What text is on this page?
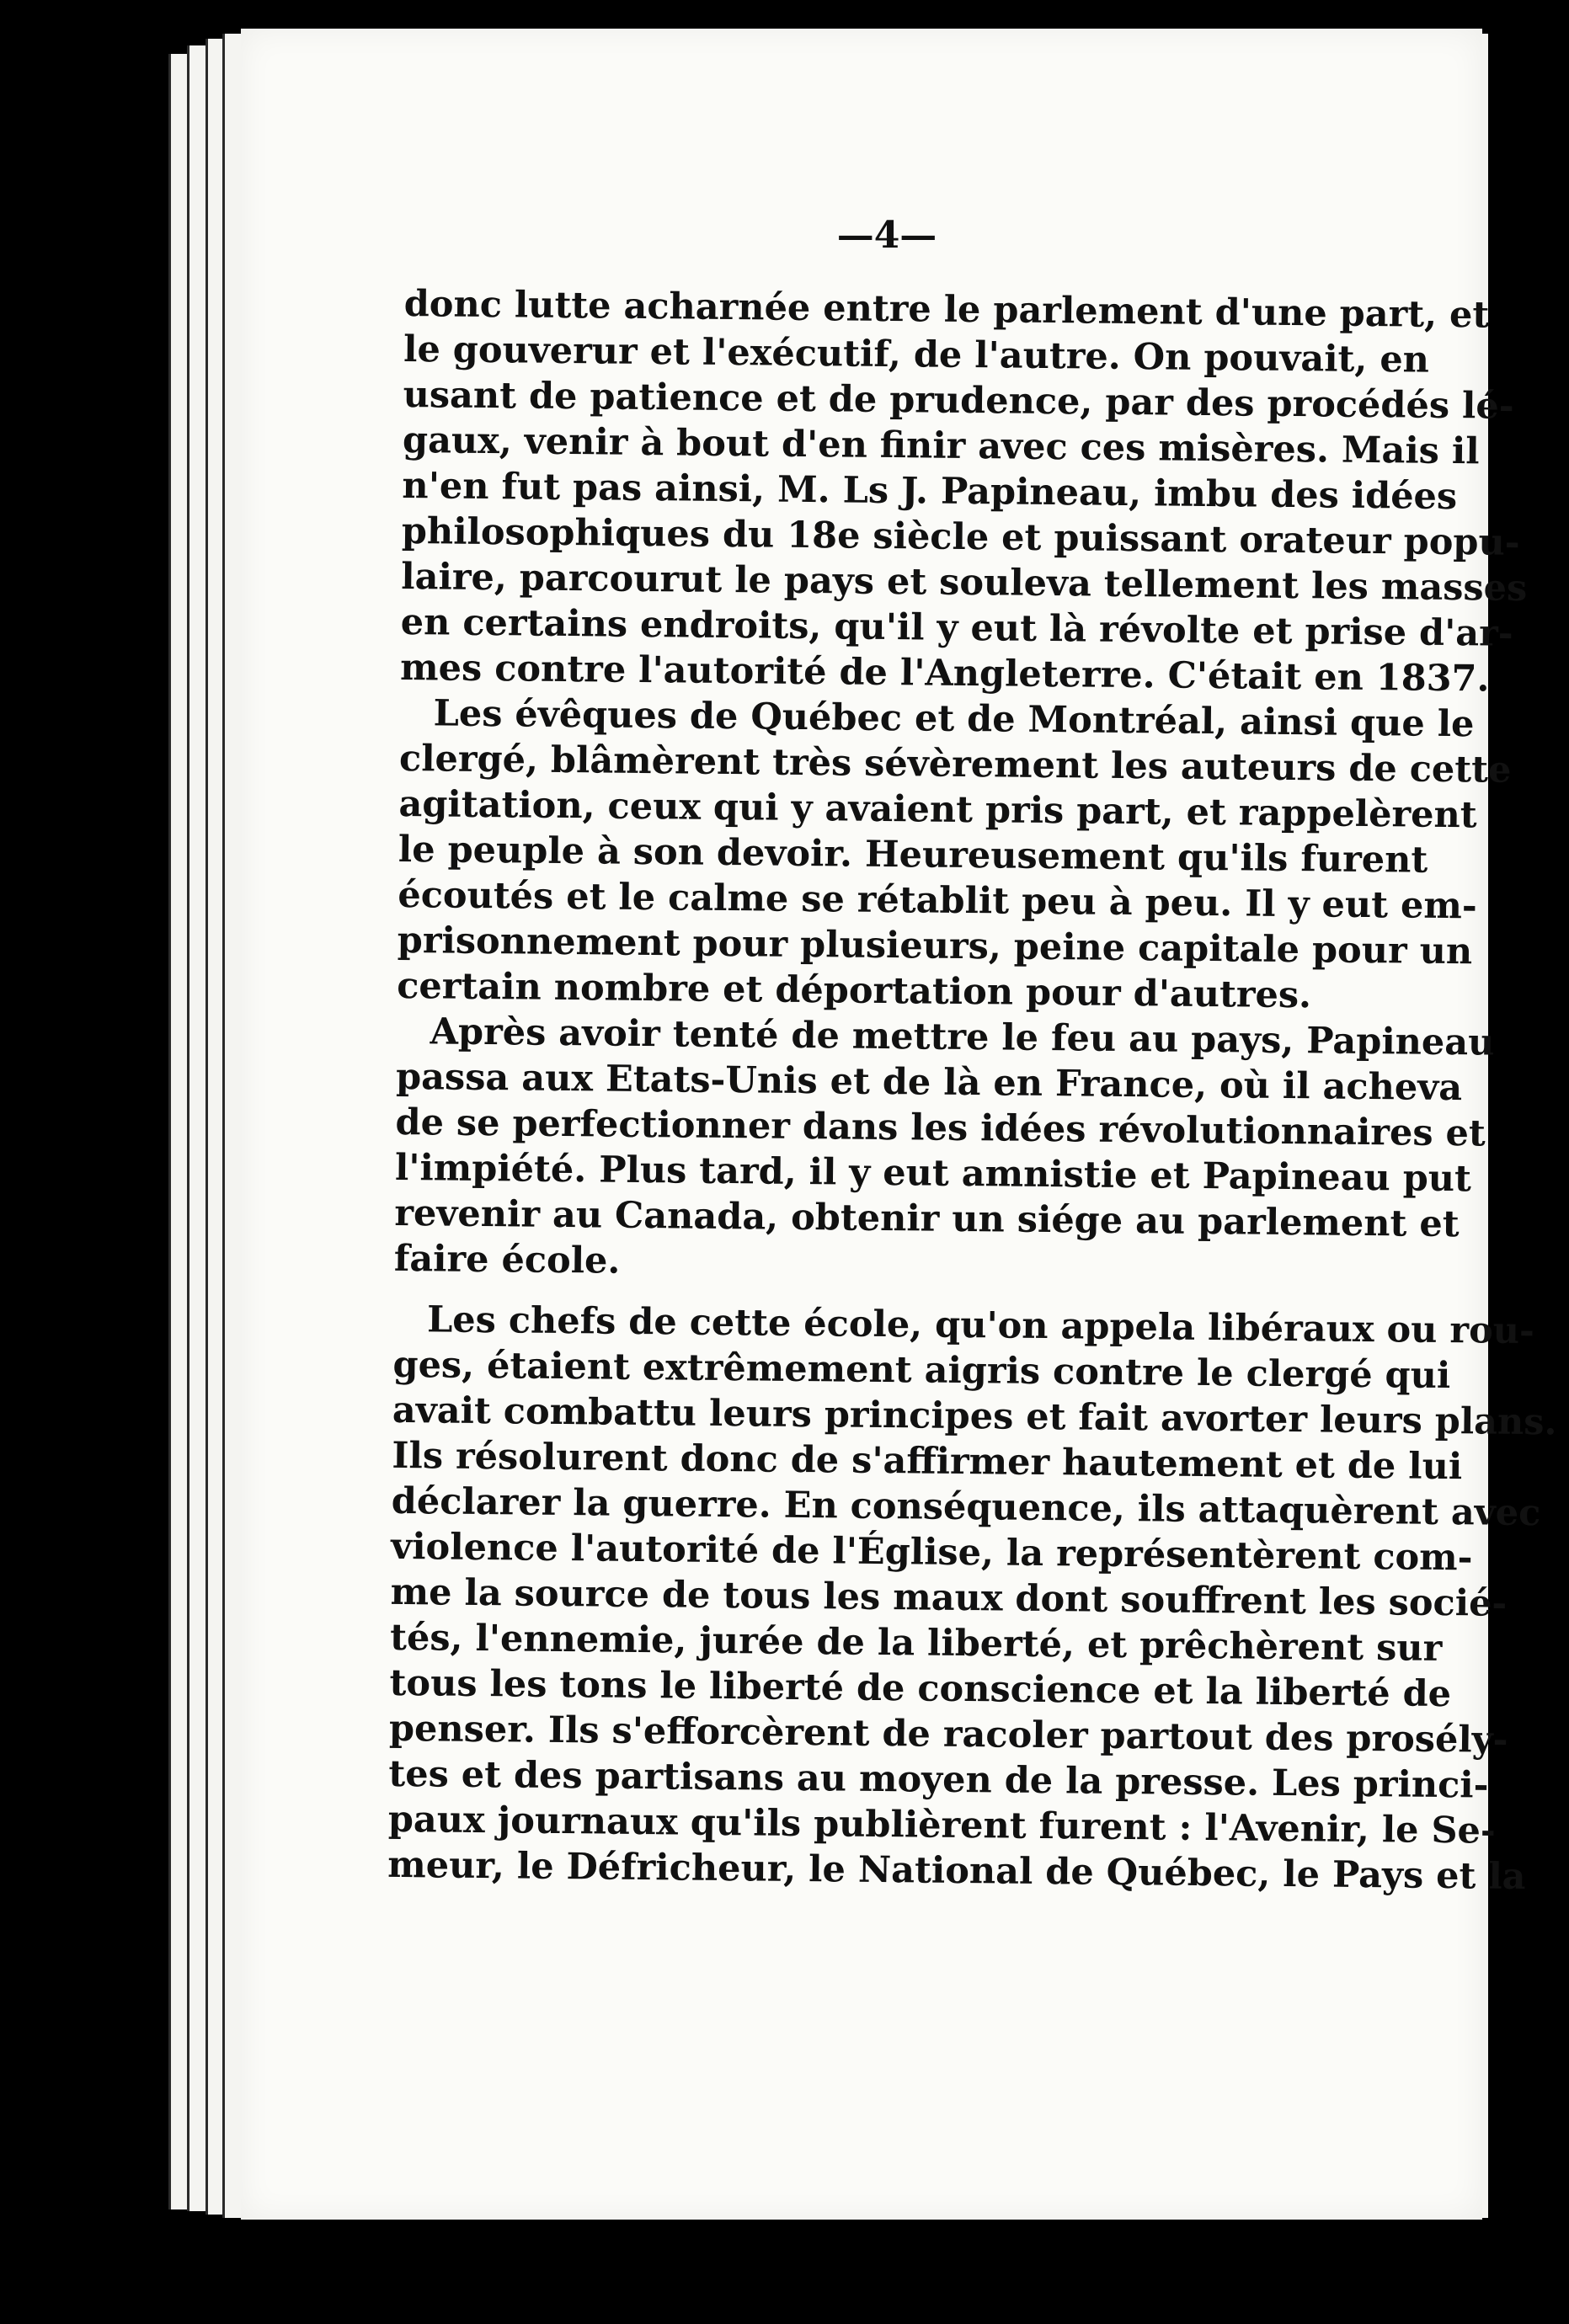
—4—
donc lutte acharnée entre le parlement d'une part, et
le gouverur et l'exécutif, de l'autre. On pouvait, en
usant de patience et de prudence, par des procédés lé-
gaux, venir à bout d'en finir avec ces misères. Mais il
n'en fut pas ainsi, M. Ls J. Papineau, imbu des idées
philosophiques du 18e siècle et puissant orateur popu-
laire, parcourut le pays et souleva tellement les masses
en certains endroits, qu'il y eut là révolte et prise d'ar-
mes contre l'autorité de l'Angleterre. C'était en 1837.
Les évêques de Québec et de Montréal, ainsi que le
clergé, blâmèrent très sévèrement les auteurs de cette
agitation, ceux qui y avaient pris part, et rappelèrent
le peuple à son devoir. Heureusement qu'ils furent
écoutés et le calme se rétablit peu à peu. Il y eut em-
prisonnement pour plusieurs, peine capitale pour un
certain nombre et déportation pour d'autres.
Après avoir tenté de mettre le feu au pays, Papineau
passa aux Etats-Unis et de là en France, où il acheva
de se perfectionner dans les idées révolutionnaires et
l'impiété. Plus tard, il y eut amnistie et Papineau put
revenir au Canada, obtenir un siége au parlement et
faire école.
Les chefs de cette école, qu'on appela libéraux ou rou-
ges, étaient extrêmement aigris contre le clergé qui
avait combattu leurs principes et fait avorter leurs plans.
Ils résolurent donc de s'affirmer hautement et de lui
déclarer la guerre. En conséquence, ils attaquèrent avec
violence l'autorité de l'Église, la représentèrent com-
me la source de tous les maux dont souffrent les socié-
tés, l'ennemie, jurée de la liberté, et prêchèrent sur
tous les tons le liberté de conscience et la liberté de
penser. Ils s'efforcèrent de racoler partout des prosély-
tes et des partisans au moyen de la presse. Les princi-
paux journaux qu'ils publièrent furent : l'Avenir, le Se-
meur, le Défricheur, le National de Québec, le Pays et la
